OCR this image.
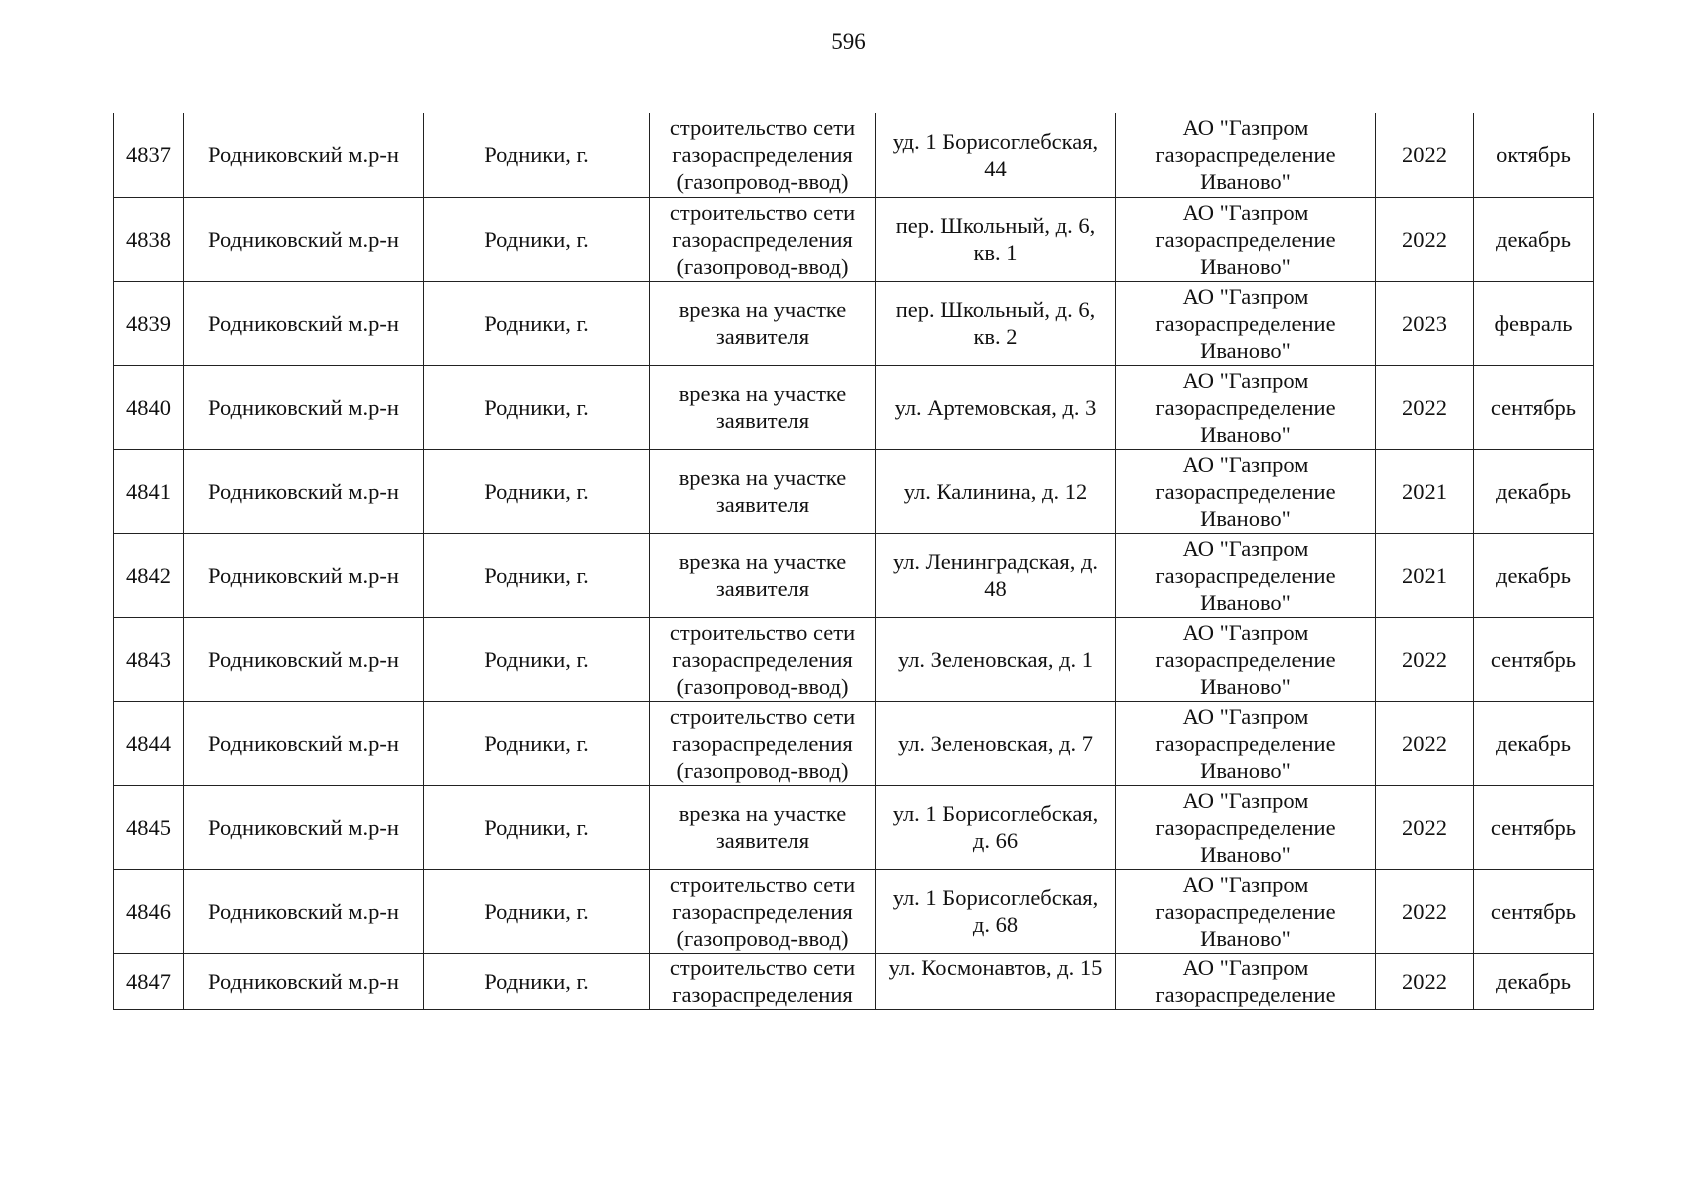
596
4837	Родниковский м.р-н	Родники, г.	строительство сети газораспределения (газопровод-ввод)	уд. 1 Борисоглебская, 44	АО "Газпром газораспределение Иваново"	2022	октябрь
4838	Родниковский м.р-н	Родники, г.	строительство сети газораспределения (газопровод-ввод)	пер. Школьный, д. 6, кв. 1	АО "Газпром газораспределение Иваново"	2022	декабрь
4839	Родниковский м.р-н	Родники, г.	врезка на участке заявителя	пер. Школьный, д. 6, кв. 2	АО "Газпром газораспределение Иваново"	2023	февраль
4840	Родниковский м.р-н	Родники, г.	врезка на участке заявителя	ул. Артемовская, д. 3	АО "Газпром газораспределение Иваново"	2022	сентябрь
4841	Родниковский м.р-н	Родники, г.	врезка на участке заявителя	ул. Калинина, д. 12	АО "Газпром газораспределение Иваново"	2021	декабрь
4842	Родниковский м.р-н	Родники, г.	врезка на участке заявителя	ул. Ленинградская, д. 48	АО "Газпром газораспределение Иваново"	2021	декабрь
4843	Родниковский м.р-н	Родники, г.	строительство сети газораспределения (газопровод-ввод)	ул. Зеленовская, д. 1	АО "Газпром газораспределение Иваново"	2022	сентябрь
4844	Родниковский м.р-н	Родники, г.	строительство сети газораспределения (газопровод-ввод)	ул. Зеленовская, д. 7	АО "Газпром газораспределение Иваново"	2022	декабрь
4845	Родниковский м.р-н	Родники, г.	врезка на участке заявителя	ул. 1 Борисоглебская, д. 66	АО "Газпром газораспределение Иваново"	2022	сентябрь
4846	Родниковский м.р-н	Родники, г.	строительство сети газораспределения (газопровод-ввод)	ул. 1 Борисоглебская, д. 68	АО "Газпром газораспределение Иваново"	2022	сентябрь
4847	Родниковский м.р-н	Родники, г.	строительство сети газораспределения	ул. Космонавтов, д. 15	АО "Газпром газораспределение	2022	декабрь
